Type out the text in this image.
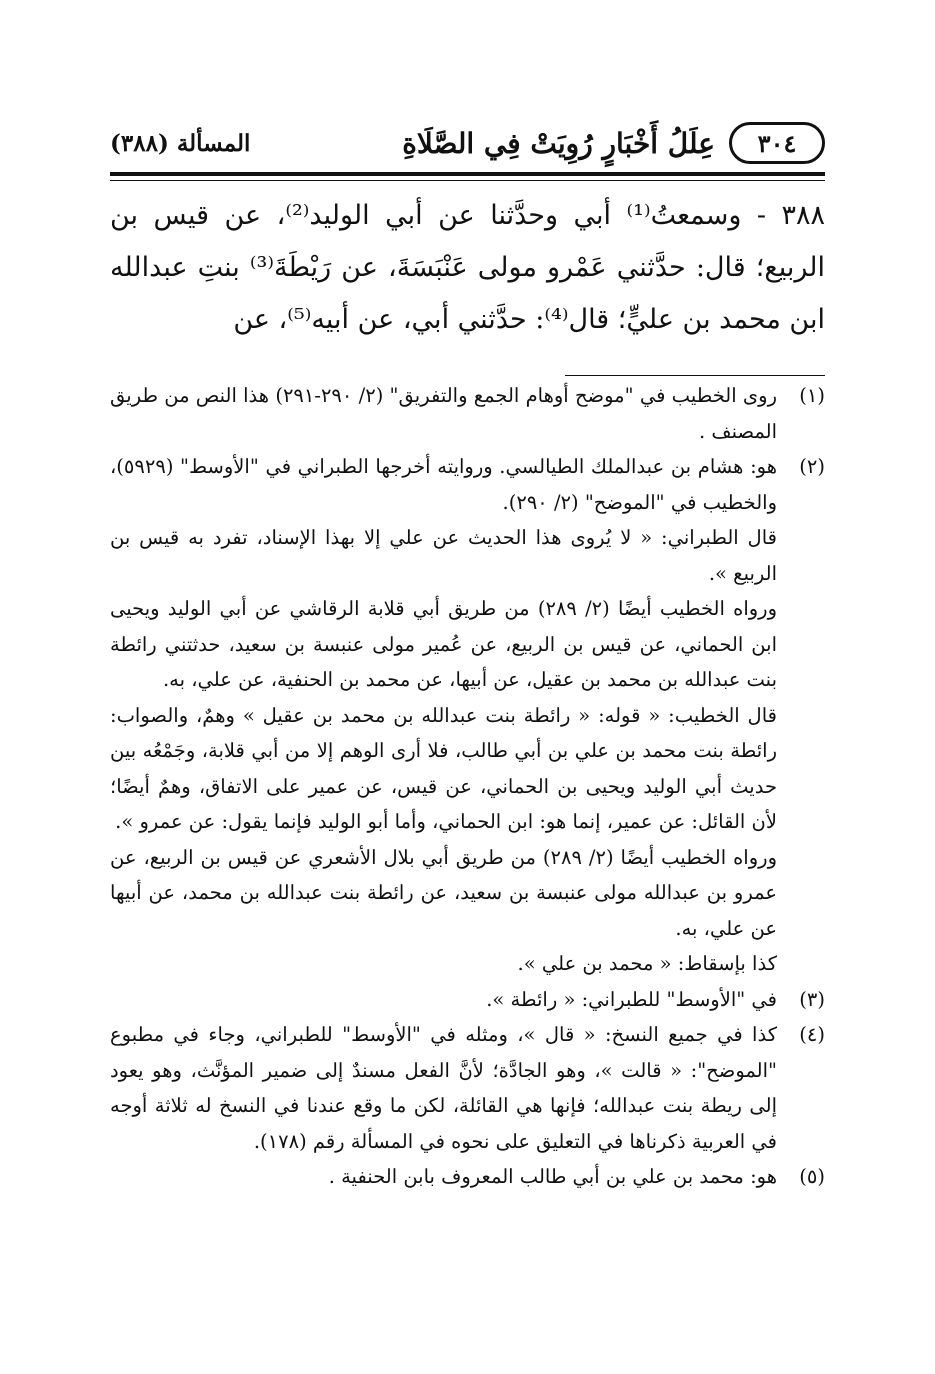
٣٠٤
عِلَلُ أَخْبَارٍ رُوِيَتْ فِي الصَّلَاةِ
المسألة (٣٨٨)

٣٨٨ - وسمعتُ⁽¹⁾ أبي وحدَّثنا عن أبي الوليد⁽²⁾، عن قيس بن الربيع؛ قال: حدَّثني عَمْرو مولى عَنْبَسَةَ، عن رَيْطَةَ⁽³⁾ بنتِ عبدالله ابن محمد بن عليٍّ؛ قال⁽⁴⁾: حدَّثني أبي، عن أبيه⁽⁵⁾، عن

(١)

روى الخطيب في "موضح أوهام الجمع والتفريق" (٢/ ٢٩٠-٢٩١) هذا النص من طريق المصنف .

(٢)

هو: هشام بن عبدالملك الطيالسي. وروايته أخرجها الطبراني في "الأوسط" (٥٩٢٩)، والخطيب في "الموضح" (٢/ ٢٩٠).

قال الطبراني: « لا يُروى هذا الحديث عن علي إلا بهذا الإسناد، تفرد به قيس بن الربيع ».

ورواه الخطيب أيضًا (٢/ ٢٨٩) من طريق أبي قلابة الرقاشي عن أبي الوليد ويحيى ابن الحماني، عن قيس بن الربيع، عن عُمير مولى عنبسة بن سعيد، حدثتني رائطة بنت عبدالله بن محمد بن عقيل، عن أبيها، عن محمد بن الحنفية، عن علي، به.

قال الخطيب: « قوله: « رائطة بنت عبدالله بن محمد بن عقيل » وهمٌ، والصواب: رائطة بنت محمد بن علي بن أبي طالب، فلا أرى الوهم إلا من أبي قلابة، وجَمْعُه بين حديث أبي الوليد ويحيى بن الحماني، عن قيس، عن عمير على الاتفاق، وهمٌ أيضًا؛ لأن القائل: عن عمير، إنما هو: ابن الحماني، وأما أبو الوليد فإنما يقول: عن عمرو ».

ورواه الخطيب أيضًا (٢/ ٢٨٩) من طريق أبي بلال الأشعري عن قيس بن الربيع، عن عمرو بن عبدالله مولى عنبسة بن سعيد، عن رائطة بنت عبدالله بن محمد، عن أبيها عن علي، به.

كذا بإسقاط: « محمد بن علي ».

(٣)

في "الأوسط" للطبراني: « رائطة ».

(٤)

كذا في جميع النسخ: « قال »، ومثله في "الأوسط" للطبراني، وجاء في مطبوع "الموضح": « قالت »، وهو الجادَّة؛ لأنَّ الفعل مسندٌ إلى ضمير المؤنَّث، وهو يعود إلى ريطة بنت عبدالله؛ فإنها هي القائلة، لكن ما وقع عندنا في النسخ له ثلاثة أوجه في العربية ذكرناها في التعليق على نحوه في المسألة رقم (١٧٨).

(٥)

هو: محمد بن علي بن أبي طالب المعروف بابن الحنفية .
